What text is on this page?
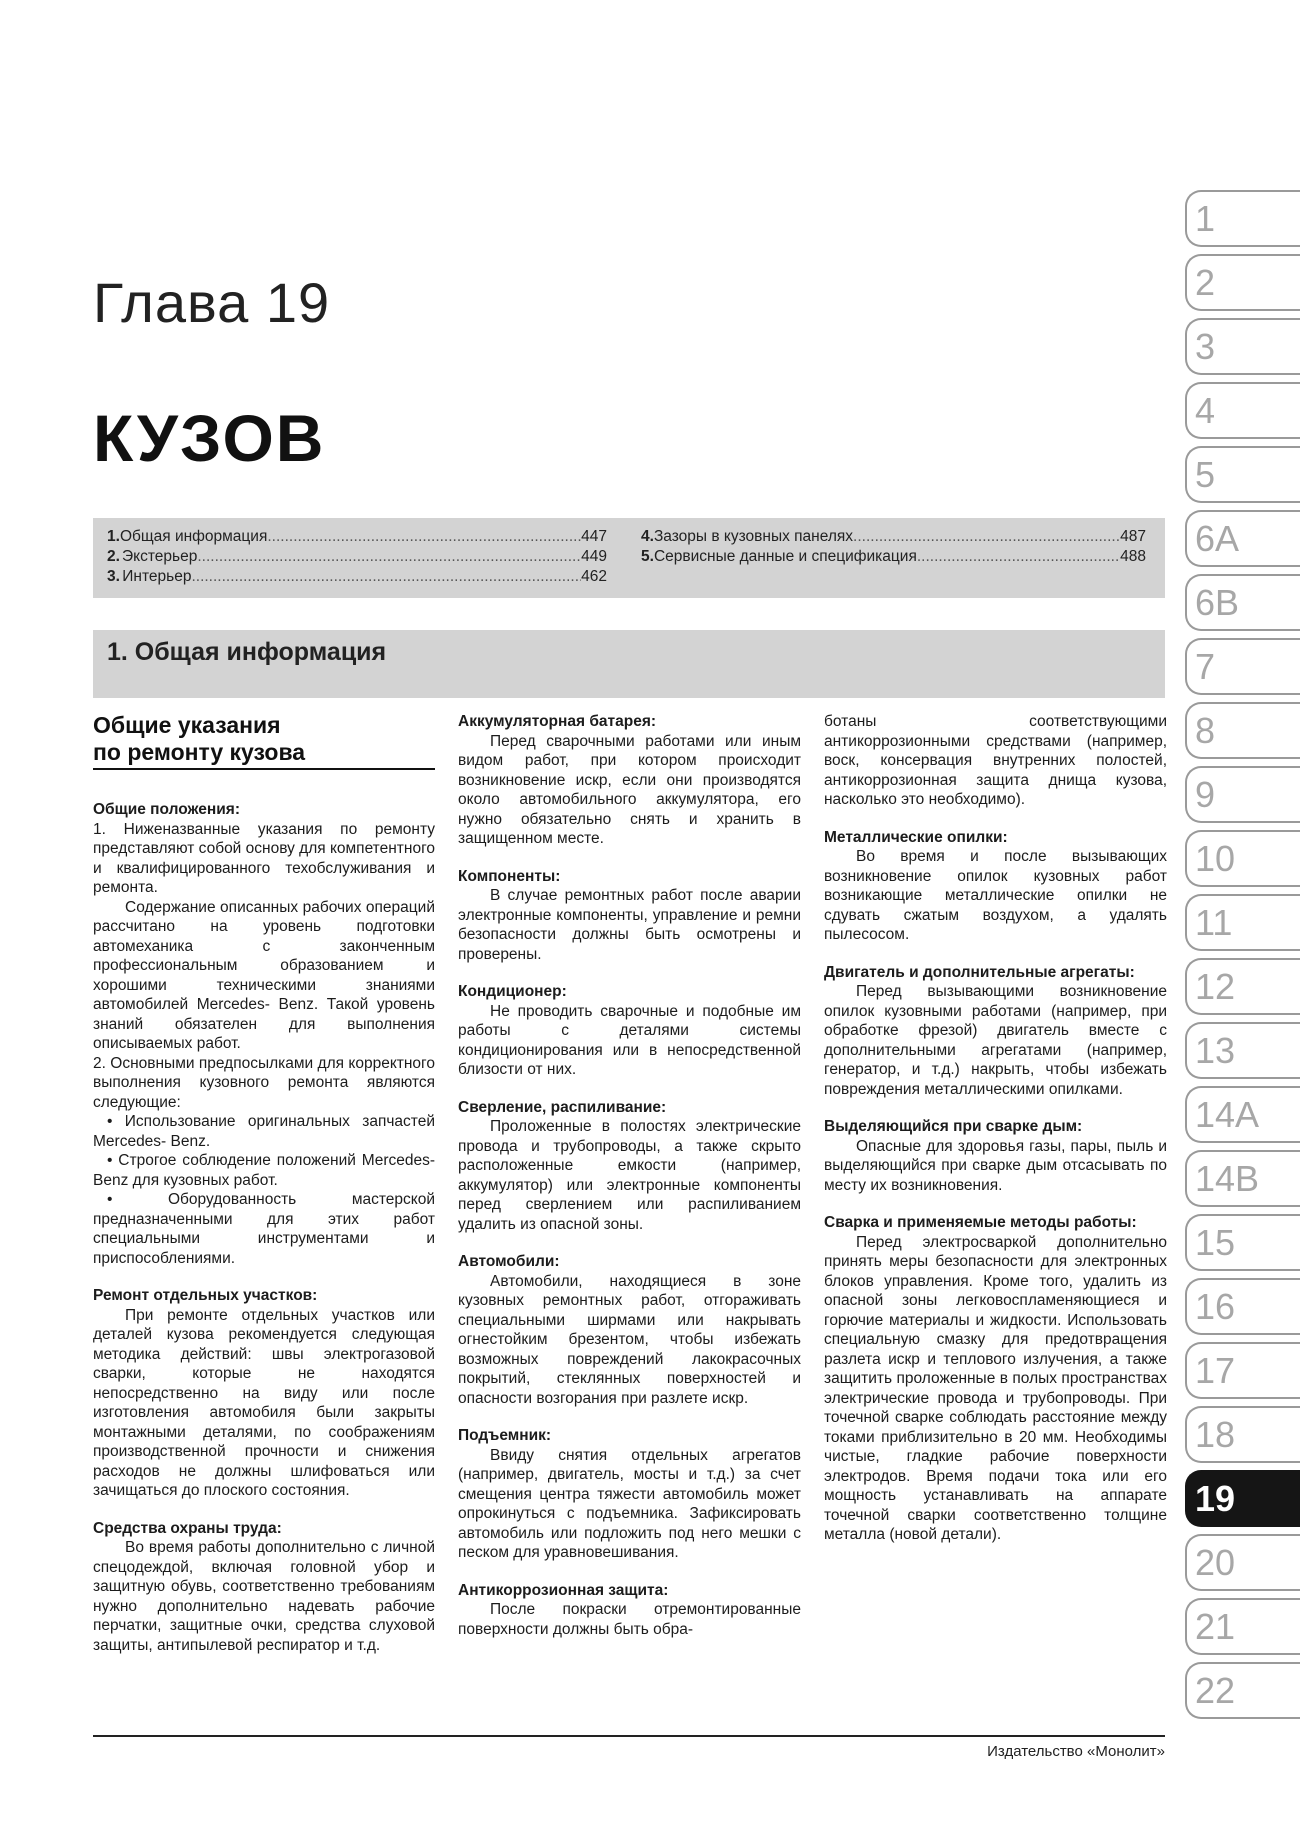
Глава 19
КУЗОВ
1. Общая информация .....	447
2. Экстерьер .....	449
3. Интерьер .....	462
4. Зазоры в кузовных панелях .....	487
5. Сервисные данные и спецификация .....	488
1. Общая информация
Общие указания
по ремонту кузова
Общие положения:

1. Ниженазванные указания по ремонту представляют собой основу для компетентного и квалифицированного техобслуживания и ремонта.

Содержание описанных рабочих операций рассчитано на уровень подготовки автомеханика с законченным профессиональным образованием и хорошими техническими знаниями автомобилей Mercedes- Benz. Такой уровень знаний обязателен для выполнения описываемых работ.

2. Основными предпосылками для корректного выполнения кузовного ремонта являются следующие:

• Использование оригинальных запчастей Mercedes- Benz.

• Строгое соблюдение положений Mercedes-Benz для кузовных работ.

• Оборудованность мастерской предназначенными для этих работ специальными инструментами и приспособлениями.

Ремонт отдельных участков:

При ремонте отдельных участков или деталей кузова рекомендуется следующая методика действий: швы электрогазовой сварки, которые не находятся непосредственно на виду или после изготовления автомобиля были закрыты монтажными деталями, по соображениям производственной прочности и снижения расходов не должны шлифоваться или зачищаться до плоского состояния.

Средства охраны труда:

Во время работы дополнительно с личной спецодеждой, включая головной убор и защитную обувь, соответственно требованиям нужно дополнительно надевать рабочие перчатки, защитные очки, средства слуховой защиты, антипылевой респиратор и т.д.

Аккумуляторная батарея:

Перед сварочными работами или иным видом работ, при котором происходит возникновение искр, если они производятся около автомобильного аккумулятора, его нужно обязательно снять и хранить в защищенном месте.

Компоненты:

В случае ремонтных работ после аварии электронные компоненты, управление и ремни безопасности должны быть осмотрены и проверены.

Кондиционер:

Не проводить сварочные и подобные им работы с деталями системы кондиционирования или в непосредственной близости от них.

Сверление, распиливание:

Проложенные в полостях электрические провода и трубопроводы, а также скрыто расположенные емкости (например, аккумулятор) или электронные компоненты перед сверлением или распиливанием удалить из опасной зоны.

Автомобили:

Автомобили, находящиеся в зоне кузовных ремонтных работ, отгораживать специальными ширмами или накрывать огнестойким брезентом, чтобы избежать возможных повреждений лакокрасочных покрытий, стеклянных поверхностей и опасности возгорания при разлете искр.

Подъемник:

Ввиду снятия отдельных агрегатов (например, двигатель, мосты и т.д.) за счет смещения центра тяжести автомобиль может опрокинуться с подъемника. Зафиксировать автомобиль или подложить под него мешки с песком для уравновешивания.

Антикоррозионная защита:

После покраски отремонтированные поверхности должны быть обра-

ботаны соответствующими антикоррозионными средствами (например, воск, консервация внутренних полостей, антикоррозионная защита днища кузова, насколько это необходимо).

Металлические опилки:

Во время и после вызывающих возникновение опилок кузовных работ возникающие металлические опилки не сдувать сжатым воздухом, а удалять пылесосом.

Двигатель и дополнительные агрегаты:

Перед вызывающими возникновение опилок кузовными работами (например, при обработке фрезой) двигатель вместе с дополнительными агрегатами (например, генератор, и т.д.) накрыть, чтобы избежать повреждения металлическими опилками.

Выделяющийся при сварке дым:

Опасные для здоровья газы, пары, пыль и выделяющийся при сварке дым отсасывать по месту их возникновения.

Сварка и применяемые методы работы:

Перед электросваркой дополнительно принять меры безопасности для электронных блоков управления. Кроме того, удалить из опасной зоны легковоспламеняющиеся и горючие материалы и жидкости. Использовать специальную смазку для предотвращения разлета искр и теплового излучения, а также защитить проложенные в полых пространствах электрические провода и трубопроводы. При точечной сварке соблюдать расстояние между токами приблизительно в 20 мм. Необходимы чистые, гладкие рабочие поверхности электродов. Время подачи тока или его мощность устанавливать на аппарате точечной сварки соответственно толщине металла (новой детали).

Издательство «Монолит»
1
2
3
4
5
6A
6B
7
8
9
10
11
12
13
14A
14B
15
16
17
18
19
20
21
22
